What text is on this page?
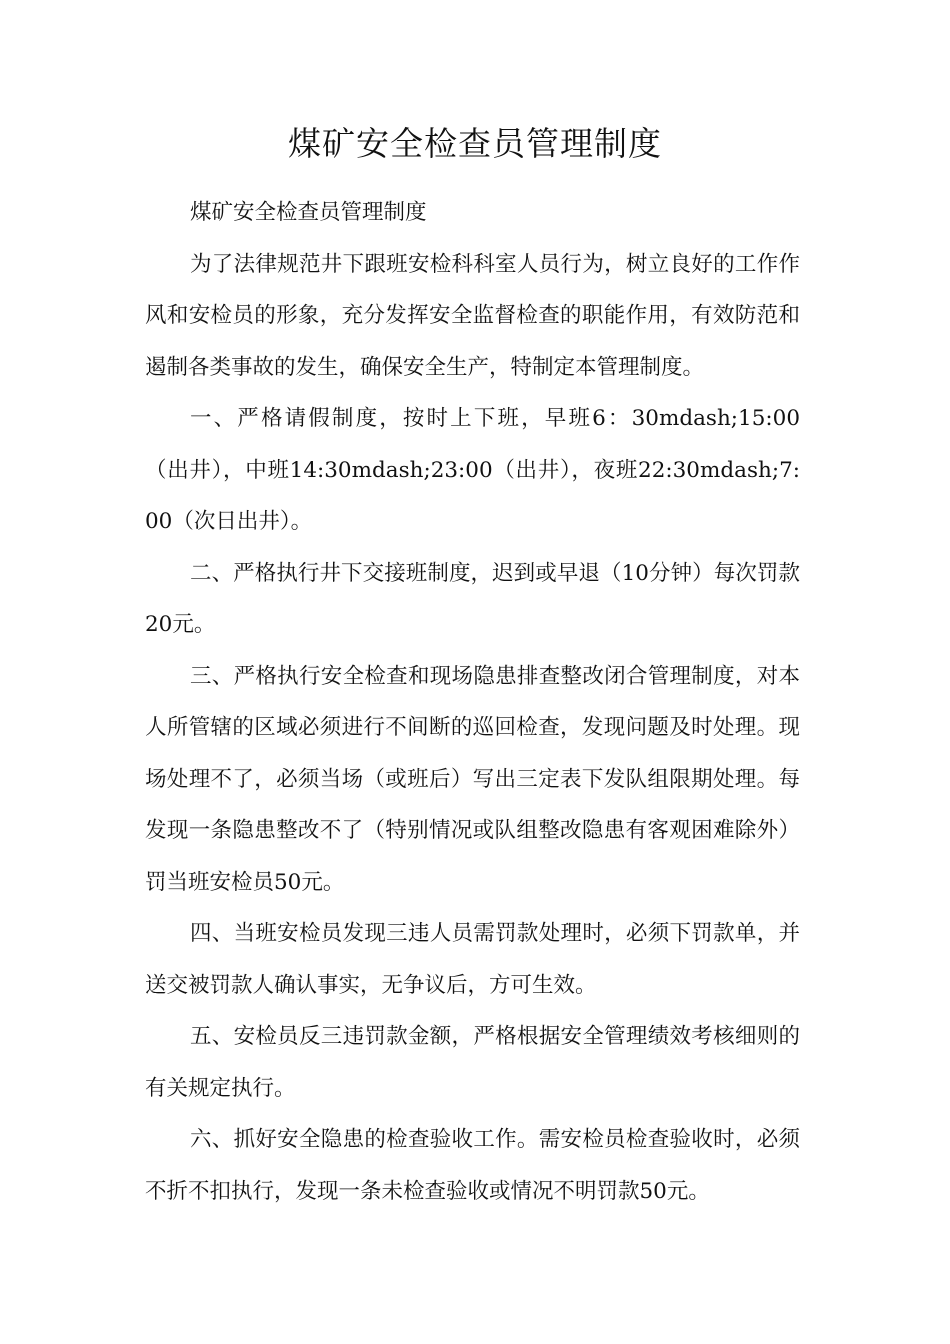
煤矿安全检查员管理制度

煤矿安全检查员管理制度

为了法律规范井下跟班安检科科室人员行为，树立良好的工作作风和安检员的形象，充分发挥安全监督检查的职能作用，有效防范和遏制各类事故的发生，确保安全生产，特制定本管理制度。

一、严格请假制度，按时上下班，早班6：30mdash;15:00（出井），中班14:30mdash;23:00（出井），夜班22:30mdash;7:00（次日出井）。

二、严格执行井下交接班制度，迟到或早退（10分钟）每次罚款20元。

三、严格执行安全检查和现场隐患排查整改闭合管理制度，对本人所管辖的区域必须进行不间断的巡回检查，发现问题及时处理。现场处理不了，必须当场（或班后）写出三定表下发队组限期处理。每发现一条隐患整改不了（特别情况或队组整改隐患有客观困难除外）罚当班安检员50元。

四、当班安检员发现三违人员需罚款处理时，必须下罚款单，并送交被罚款人确认事实，无争议后，方可生效。

五、安检员反三违罚款金额，严格根据安全管理绩效考核细则的有关规定执行。

六、抓好安全隐患的检查验收工作。需安检员检查验收时，必须不折不扣执行，发现一条未检查验收或情况不明罚款50元。
